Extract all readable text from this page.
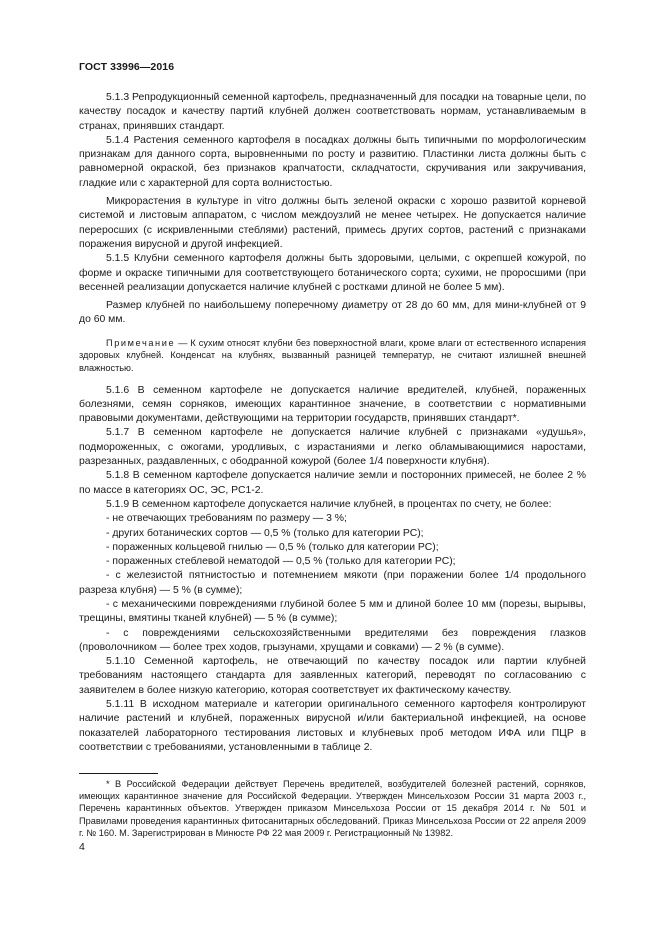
ГОСТ 33996—2016

5.1.3 Репродукционный семенной картофель, предназначенный для посадки на товарные цели, по качеству посадок и качеству партий клубней должен соответствовать нормам, устанавливаемым в странах, принявших стандарт.

5.1.4 Растения семенного картофеля в посадках должны быть типичными по морфологическим признакам для данного сорта, выровненными по росту и развитию. Пластинки листа должны быть с равномерной окраской, без признаков крапчатости, складчатости, скручивания или закручивания, гладкие или с характерной для сорта волнистостью.

Микрорастения в культуре in vitro должны быть зеленой окраски с хорошо развитой корневой системой и листовым аппаратом, с числом междоузлий не менее четырех. Не допускается наличие переросших (с искривленными стеблями) растений, примесь других сортов, растений с признаками поражения вирусной и другой инфекцией.

5.1.5 Клубни семенного картофеля должны быть здоровыми, целыми, с окрепшей кожурой, по форме и окраске типичными для соответствующего ботанического сорта; сухими, не проросшими (при весенней реализации допускается наличие клубней с ростками длиной не более 5 мм).

Размер клубней по наибольшему поперечному диаметру от 28 до 60 мм, для мини-клубней от 9 до 60 мм.

Примечание — К сухим относят клубни без поверхностной влаги, кроме влаги от естественного испарения здоровых клубней. Конденсат на клубнях, вызванный разницей температур, не считают излишней внешней влажностью.

5.1.6 В семенном картофеле не допускается наличие вредителей, клубней, пораженных болезнями, семян сорняков, имеющих карантинное значение, в соответствии с нормативными правовыми документами, действующими на территории государств, принявших стандарт*.

5.1.7 В семенном картофеле не допускается наличие клубней с признаками «удушья», подмороженных, с ожогами, уродливых, с израстаниями и легко обламывающимися наростами, разрезанных, раздавленных, с ободранной кожурой (более 1/4 поверхности клубня).

5.1.8 В семенном картофеле допускается наличие земли и посторонних примесей, не более 2 % по массе в категориях ОС, ЭС, РС1-2.

5.1.9 В семенном картофеле допускается наличие клубней, в процентах по счету, не более:

- не отвечающих требованиям по размеру — 3 %;

- других ботанических сортов — 0,5 % (только для категории РС);

- пораженных кольцевой гнилью — 0,5 % (только для категории РС);

- пораженных стеблевой нематодой — 0,5 % (только для категории РС);

- с железистой пятнистостью и потемнением мякоти (при поражении более 1/4 продольного разреза клубня) — 5 % (в сумме);

- с механическими повреждениями глубиной более 5 мм и длиной более 10 мм (порезы, вырывы, трещины, вмятины тканей клубней) — 5 % (в сумме);

- с повреждениями сельскохозяйственными вредителями без повреждения глазков (проволочником — более трех ходов, грызунами, хрущами и совками) — 2 % (в сумме).

5.1.10 Семенной картофель, не отвечающий по качеству посадок или партии клубней требованиям настоящего стандарта для заявленных категорий, переводят по согласованию с заявителем в более низкую категорию, которая соответствует их фактическому качеству.

5.1.11 В исходном материале и категории оригинального семенного картофеля контролируют наличие растений и клубней, пораженных вирусной и/или бактериальной инфекцией, на основе показателей лабораторного тестирования листовых и клубневых проб методом ИФА или ПЦР в соответствии с требованиями, установленными в таблице 2.

* В Российской Федерации действует Перечень вредителей, возбудителей болезней растений, сорняков, имеющих карантинное значение для Российской Федерации. Утвержден Минсельхозом России 31 марта 2003 г., Перечень карантинных объектов. Утвержден приказом Минсельхоза России от 15 декабря 2014 г. № 501 и Правилами проведения карантинных фитосанитарных обследований. Приказ Минсельхоза России от 22 апреля 2009 г. № 160. М. Зарегистрирован в Минюсте РФ 22 мая 2009 г. Регистрационный № 13982.

4
